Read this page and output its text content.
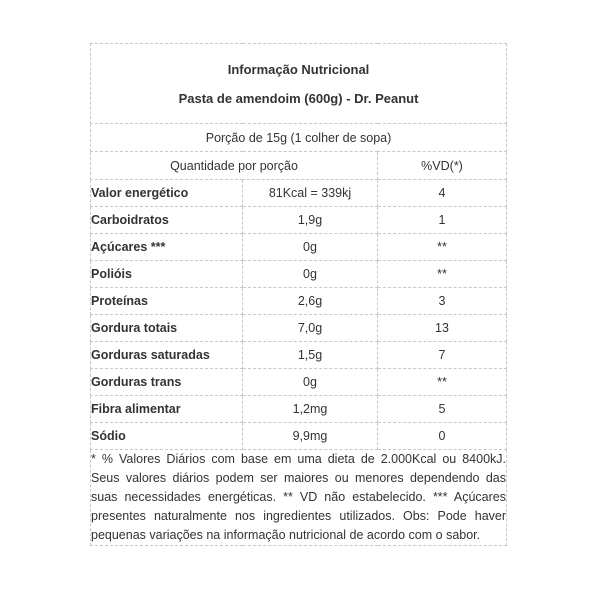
Informação Nutricional
Pasta de amendoim (600g) - Dr. Peanut		

Porção de 15g (1 colher de sopa)		
Quantidade por porção		%VD(*)
Valor energético	81Kcal = 339kj	4
Carboidratos	1,9g	1
Açúcares ***	0g	**
Polióis	0g	**
Proteínas	2,6g	3
Gordura totais	7,0g	13
Gorduras saturadas	1,5g	7
Gorduras trans	0g	**
Fibra alimentar	1,2mg	5
Sódio	9,9mg	0
* % Valores Diários com base em uma dieta de 2.000Kcal ou 8400kJ. Seus valores diários podem ser maiores ou menores dependendo das suas necessidades energéticas. ** VD não estabelecido. *** Açúcares presentes naturalmente nos ingredientes utilizados. Obs: Pode haver pequenas variações na informação nutricional de acordo com o sabor.		
